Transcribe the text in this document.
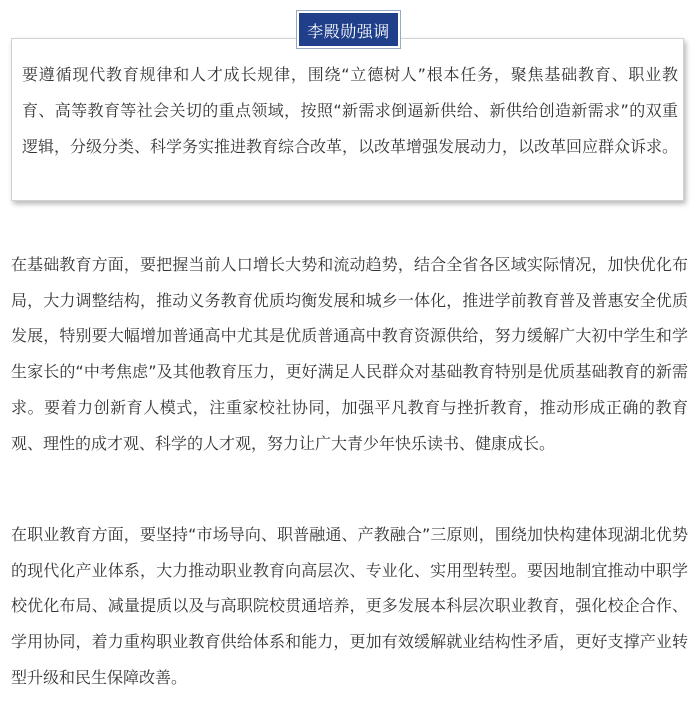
李殿勋强调

要遵循现代教育规律和人才成长规律，围绕“立德树人”根本任务，聚焦基础教育、职业教育、高等教育等社会关切的重点领域，按照“新需求倒逼新供给、新供给创造新需求”的双重逻辑，分级分类、科学务实推进教育综合改革，以改革增强发展动力，以改革回应群众诉求。

在基础教育方面，要把握当前人口增长大势和流动趋势，结合全省各区域实际情况，加快优化布局，大力调整结构，推动义务教育优质均衡发展和城乡一体化，推进学前教育普及普惠安全优质发展，特别要大幅增加普通高中尤其是优质普通高中教育资源供给，努力缓解广大初中学生和学生家长的“中考焦虑”及其他教育压力，更好满足人民群众对基础教育特别是优质基础教育的新需求。要着力创新育人模式，注重家校社协同，加强平凡教育与挫折教育，推动形成正确的教育观、理性的成才观、科学的人才观，努力让广大青少年快乐读书、健康成长。

在职业教育方面，要坚持“市场导向、职普融通、产教融合”三原则，围绕加快构建体现湖北优势的现代化产业体系，大力推动职业教育向高层次、专业化、实用型转型。要因地制宜推动中职学校优化布局、减量提质以及与高职院校贯通培养，更多发展本科层次职业教育，强化校企合作、学用协同，着力重构职业教育供给体系和能力，更加有效缓解就业结构性矛盾，更好支撑产业转型升级和民生保障改善。
